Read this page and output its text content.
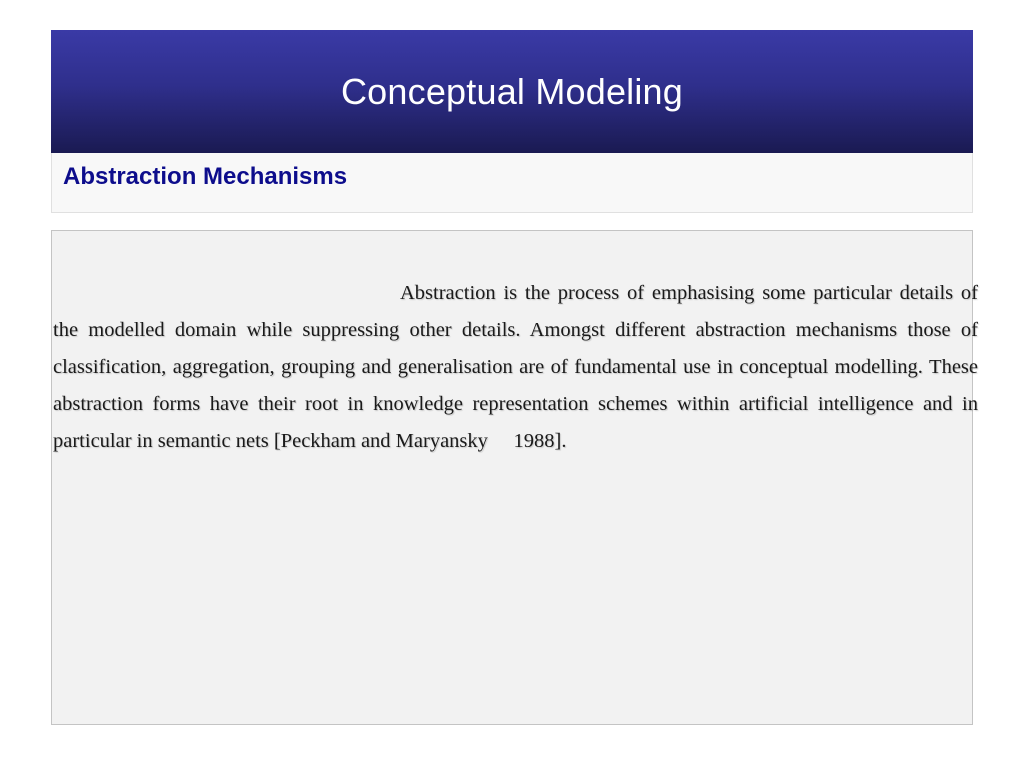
Conceptual Modeling
Abstraction Mechanisms
Abstraction is the process of emphasising some particular details of the modelled domain while suppressing other details. Amongst different abstraction mechanisms those of classification, aggregation, grouping and generalisation are of fundamental use in conceptual modelling. These abstraction forms have their root in knowledge representation schemes within artificial intelligence and in particular in semantic nets [Peckham and Maryansky     1988].
